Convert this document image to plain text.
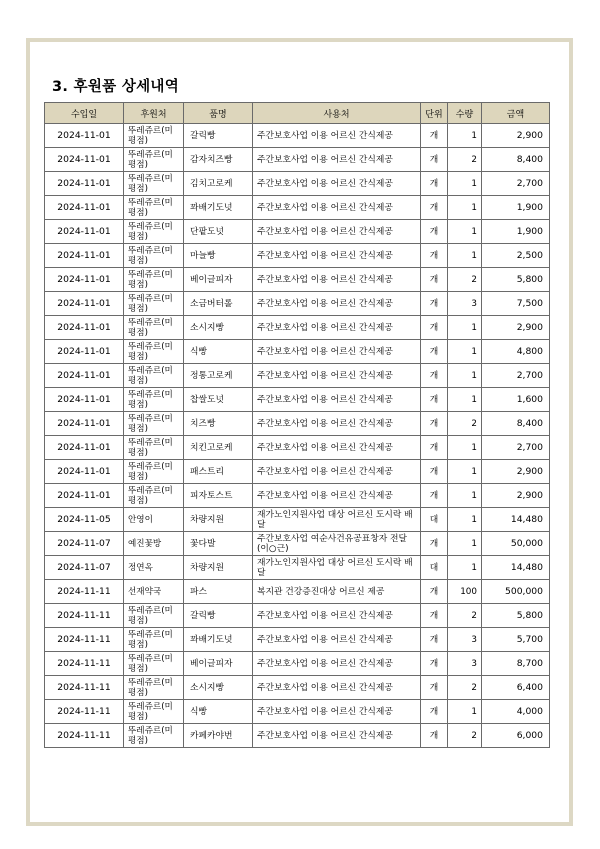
3. 후원품 상세내역
수입일	후원처	품명	사용처	단위	수량	금액
2024-11-01	뚜레쥬르(미평점)	갈릭빵	주간보호사업 이용 어르신 간식제공	개	1	2,900
2024-11-01	뚜레쥬르(미평점)	감자치즈빵	주간보호사업 이용 어르신 간식제공	개	2	8,400
2024-11-01	뚜레쥬르(미평점)	김치고로케	주간보호사업 이용 어르신 간식제공	개	1	2,700
2024-11-01	뚜레쥬르(미평점)	꽈배기도넛	주간보호사업 이용 어르신 간식제공	개	1	1,900
2024-11-01	뚜레쥬르(미평점)	단팥도넛	주간보호사업 이용 어르신 간식제공	개	1	1,900
2024-11-01	뚜레쥬르(미평점)	마늘빵	주간보호사업 이용 어르신 간식제공	개	1	2,500
2024-11-01	뚜레쥬르(미평점)	베이글피자	주간보호사업 이용 어르신 간식제공	개	2	5,800
2024-11-01	뚜레쥬르(미평점)	소금버터롤	주간보호사업 이용 어르신 간식제공	개	3	7,500
2024-11-01	뚜레쥬르(미평점)	소시지빵	주간보호사업 이용 어르신 간식제공	개	1	2,900
2024-11-01	뚜레쥬르(미평점)	식빵	주간보호사업 이용 어르신 간식제공	개	1	4,800
2024-11-01	뚜레쥬르(미평점)	정통고로케	주간보호사업 이용 어르신 간식제공	개	1	2,700
2024-11-01	뚜레쥬르(미평점)	찹쌀도넛	주간보호사업 이용 어르신 간식제공	개	1	1,600
2024-11-01	뚜레쥬르(미평점)	치즈빵	주간보호사업 이용 어르신 간식제공	개	2	8,400
2024-11-01	뚜레쥬르(미평점)	치킨고로케	주간보호사업 이용 어르신 간식제공	개	1	2,700
2024-11-01	뚜레쥬르(미평점)	패스트리	주간보호사업 이용 어르신 간식제공	개	1	2,900
2024-11-01	뚜레쥬르(미평점)	피자토스트	주간보호사업 이용 어르신 간식제공	개	1	2,900
2024-11-05	안영이	차량지원	재가노인지원사업 대상 어르신 도시락 배달	대	1	14,480
2024-11-07	예진꽃방	꽃다발	주간보호사업 여순사건유공표창자 전달(이○근)	개	1	50,000
2024-11-07	정연옥	차량지원	재가노인지원사업 대상 어르신 도시락 배달	대	1	14,480
2024-11-11	선재약국	파스	복지관 건강증진대상 어르신 제공	개	100	500,000
2024-11-11	뚜레쥬르(미평점)	갈릭빵	주간보호사업 이용 어르신 간식제공	개	2	5,800
2024-11-11	뚜레쥬르(미평점)	꽈배기도넛	주간보호사업 이용 어르신 간식제공	개	3	5,700
2024-11-11	뚜레쥬르(미평점)	베이글피자	주간보호사업 이용 어르신 간식제공	개	3	8,700
2024-11-11	뚜레쥬르(미평점)	소시지빵	주간보호사업 이용 어르신 간식제공	개	2	6,400
2024-11-11	뚜레쥬르(미평점)	식빵	주간보호사업 이용 어르신 간식제공	개	1	4,000
2024-11-11	뚜레쥬르(미평점)	카페카야번	주간보호사업 이용 어르신 간식제공	개	2	6,000
